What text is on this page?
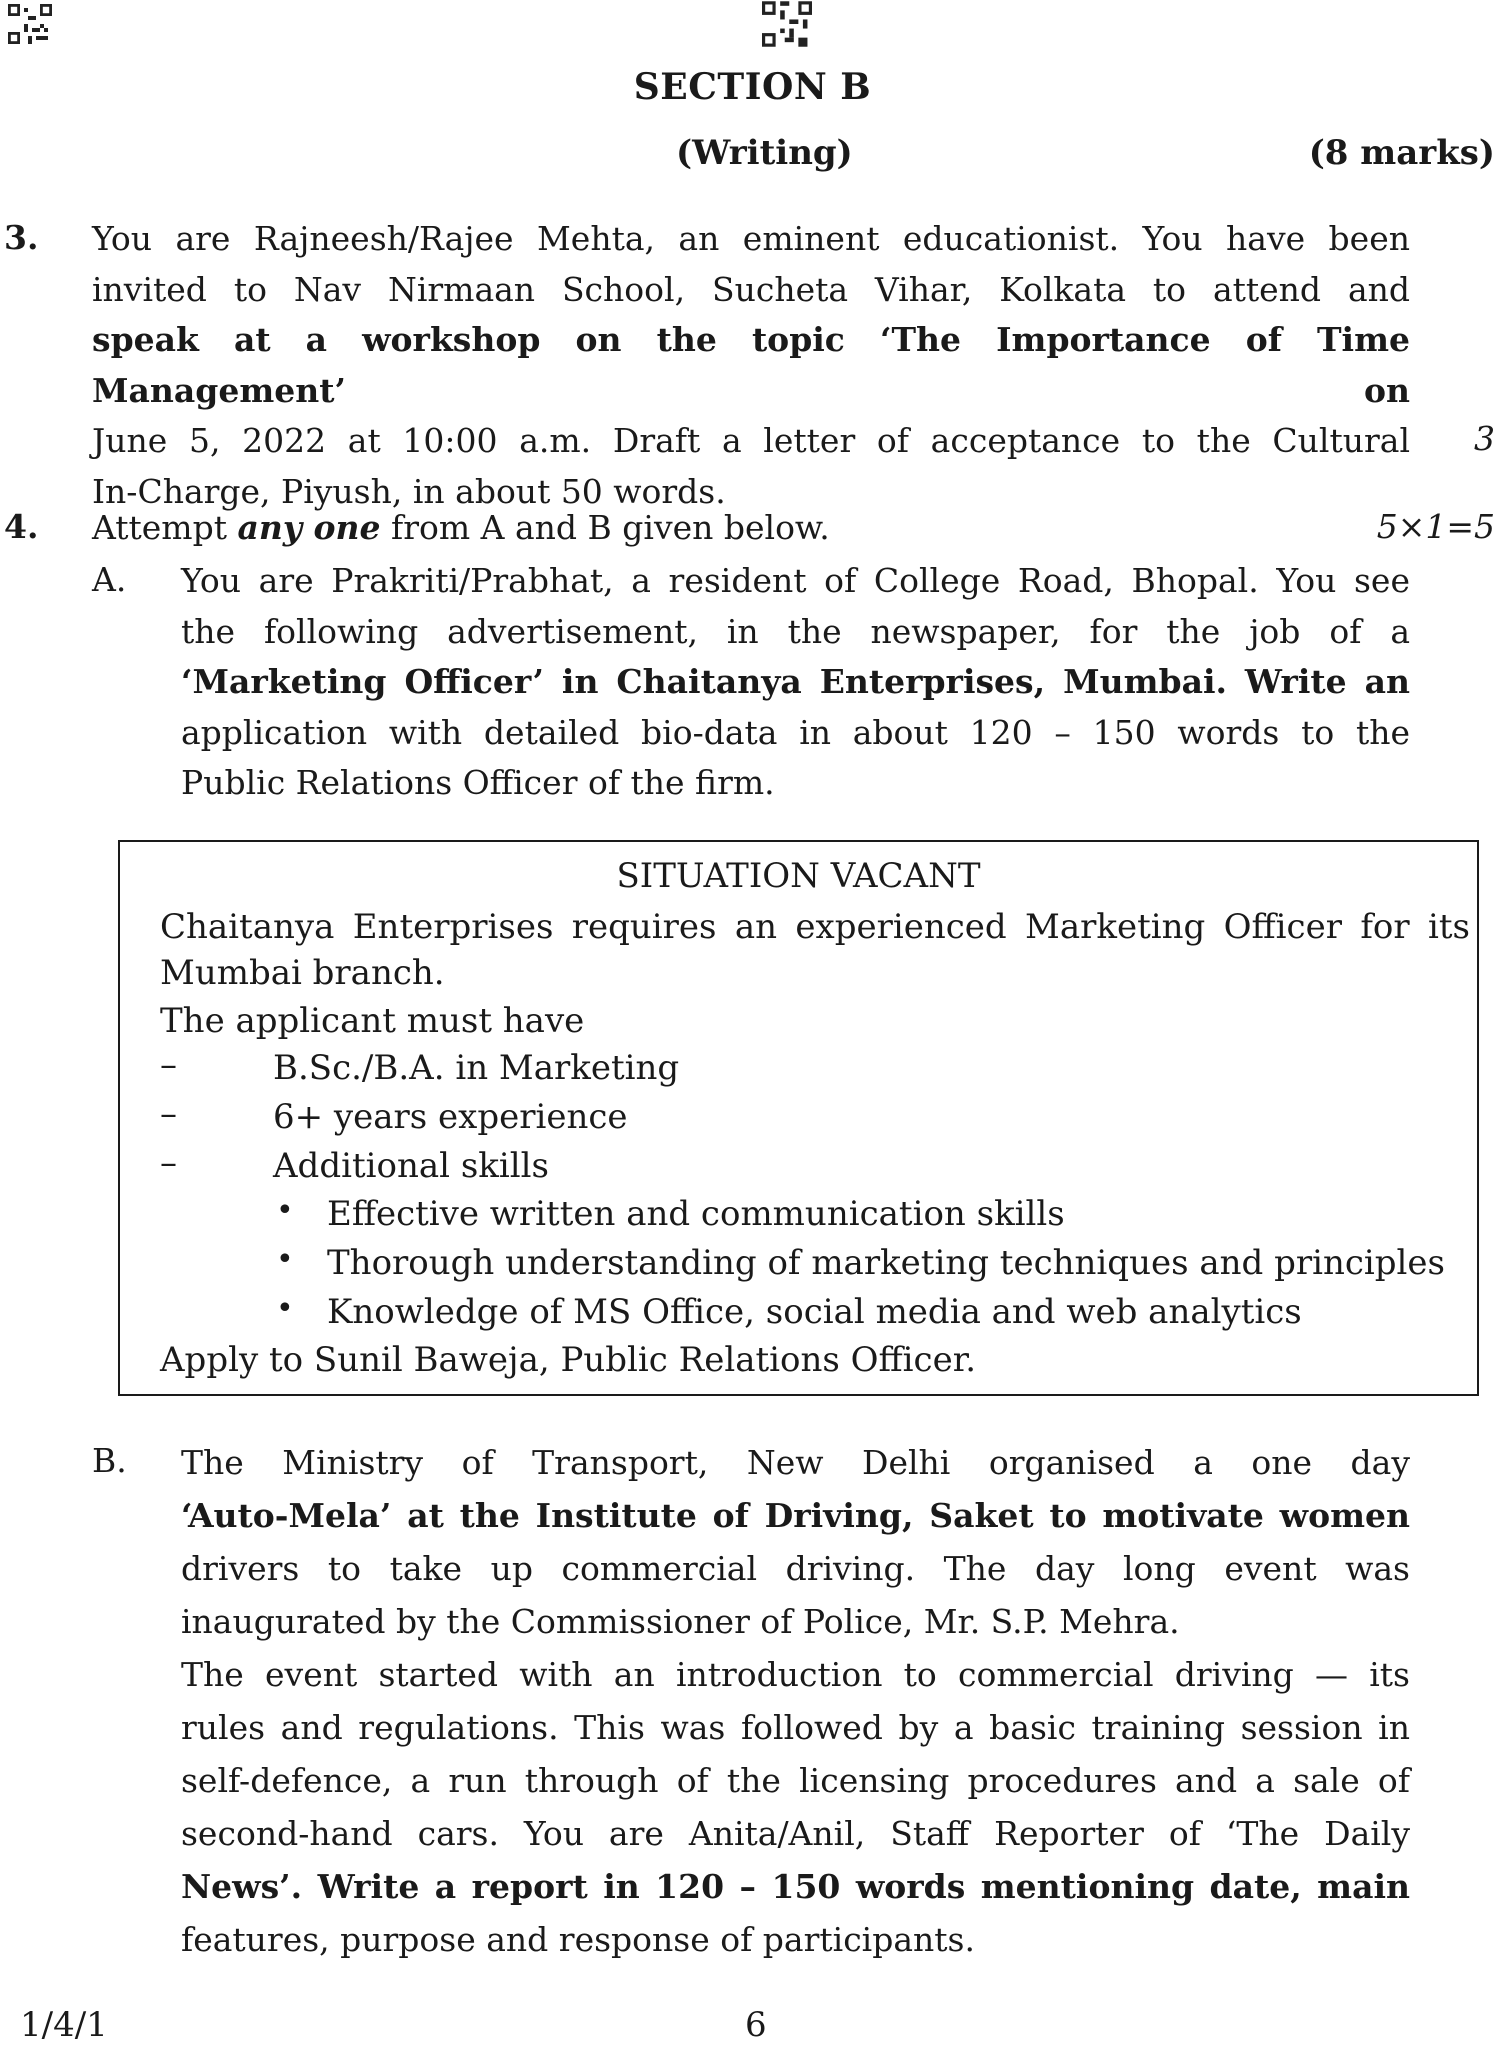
SECTION B
(Writing)	(8 marks)
3. You are Rajneesh/Rajee Mehta, an eminent educationist. You have been
invited to Nav Nirmaan School, Sucheta Vihar, Kolkata to attend and
speak at a workshop on the topic ‘The Importance of Time Management’ on
June 5, 2022 at 10:00 a.m. Draft a letter of acceptance to the Cultural
In-Charge, Piyush, in about 50 words.
3
4. Attempt any one from A and B given below.	5×1=5
A. You are Prakriti/Prabhat, a resident of College Road, Bhopal. You see
the following advertisement, in the newspaper, for the job of a
‘Marketing Officer’ in Chaitanya Enterprises, Mumbai. Write an
application with detailed bio-data in about 120 – 150 words to the
Public Relations Officer of the firm.
SITUATION VACANT
Chaitanya Enterprises requires an experienced Marketing Officer for its
Mumbai branch.
The applicant must have
–	B.Sc./B.A. in Marketing
–	6+ years experience
–	Additional skills
• Effective written and communication skills
• Thorough understanding of marketing techniques and principles
• Knowledge of MS Office, social media and web analytics
Apply to Sunil Baweja, Public Relations Officer.
B. The Ministry of Transport, New Delhi organised a one day
‘Auto-Mela’ at the Institute of Driving, Saket to motivate women
drivers to take up commercial driving. The day long event was
inaugurated by the Commissioner of Police, Mr. S.P. Mehra.
The event started with an introduction to commercial driving — its
rules and regulations. This was followed by a basic training session in
self-defence, a run through of the licensing procedures and a sale of
second-hand cars. You are Anita/Anil, Staff Reporter of ‘The Daily
News’. Write a report in 120 – 150 words mentioning date, main
features, purpose and response of participants.
1/4/1	6
